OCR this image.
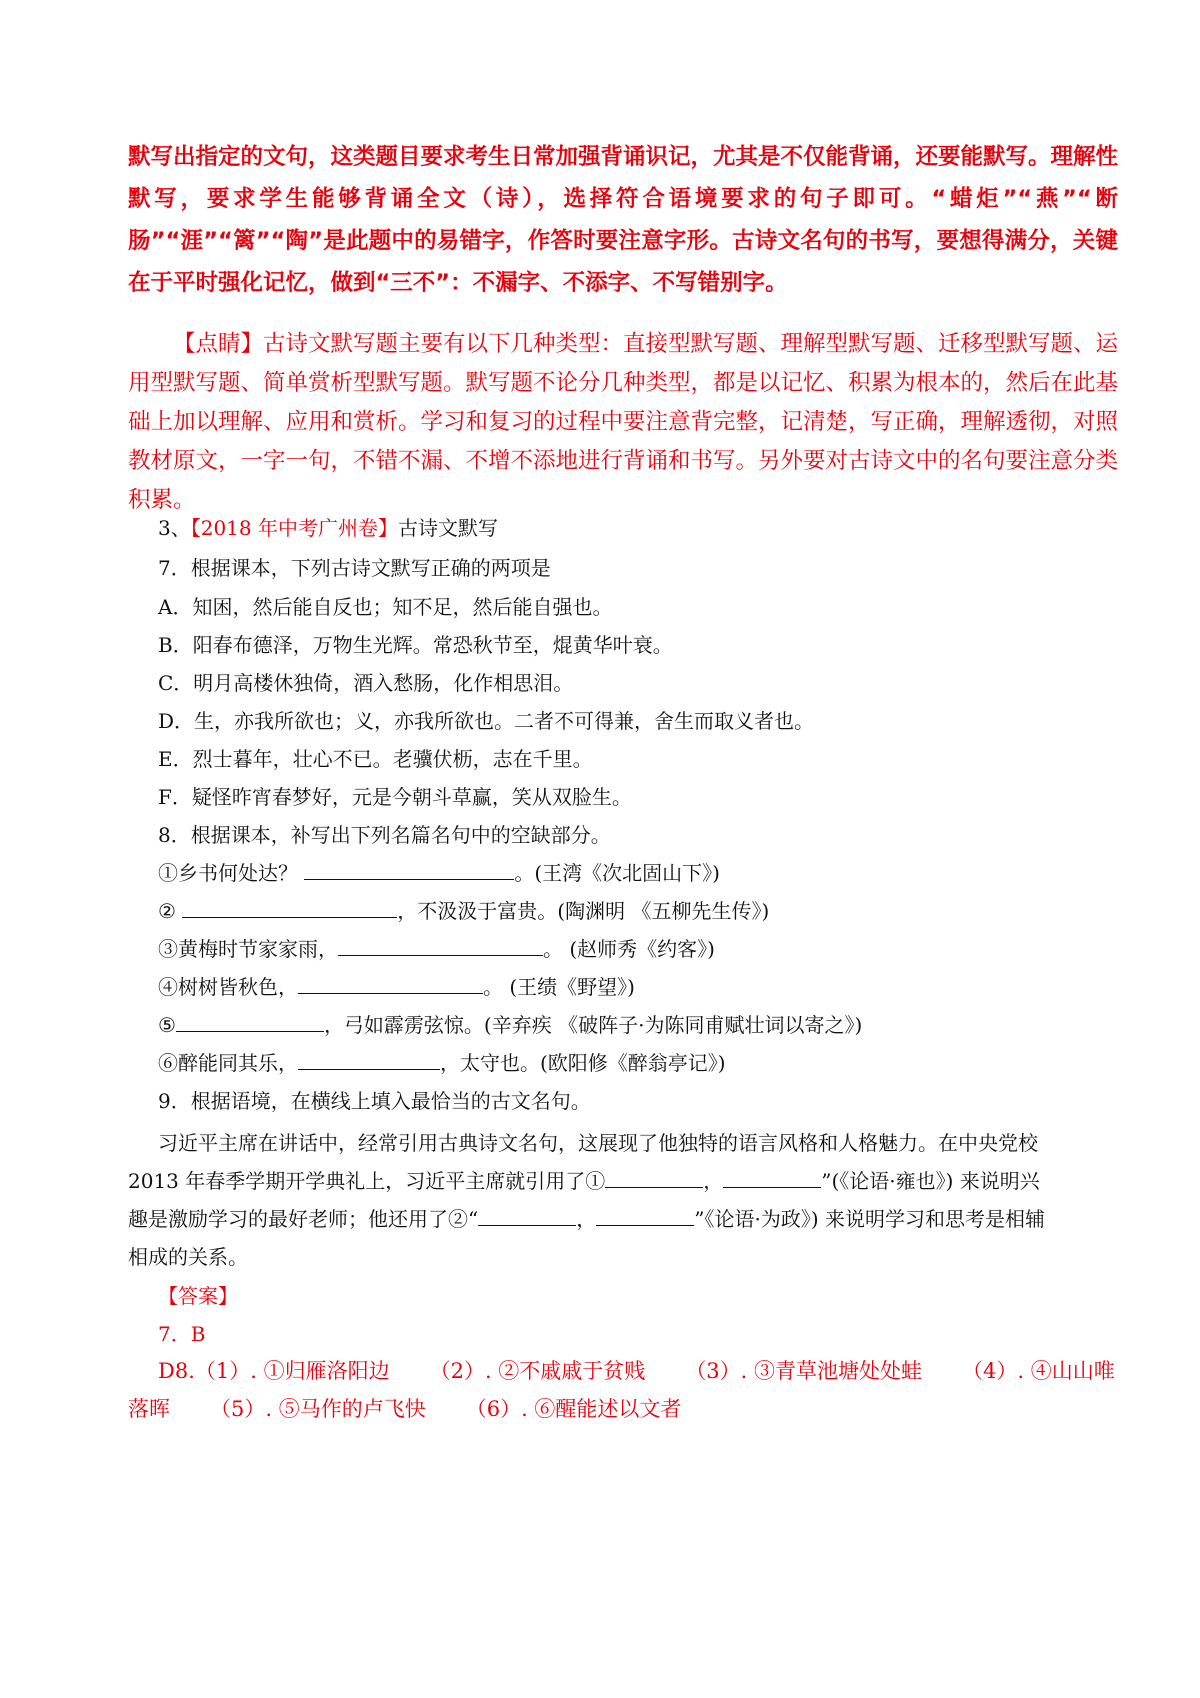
默写出指定的文句，这类题目要求考生日常加强背诵识记，尤其是不仅能背诵，还要能默写。理解性默写，要求学生能够背诵全文（诗），选择符合语境要求的句子即可。“蜡炬”“燕”“断肠”“涯”“篱”“陶”是此题中的易错字，作答时要注意字形。古诗文名句的书写，要想得满分，关键在于平时强化记忆，做到“三不”：不漏字、不添字、不写错别字。

【点睛】古诗文默写题主要有以下几种类型：直接型默写题、理解型默写题、迁移型默写题、运用型默写题、简单赏析型默写题。默写题不论分几种类型，都是以记忆、积累为根本的，然后在此基础上加以理解、应用和赏析。学习和复习的过程中要注意背完整，记清楚，写正确，理解透彻，对照教材原文，一字一句，不错不漏、不增不添地进行背诵和书写。另外要对古诗文中的名句要注意分类积累。

3、【2018 年中考广州卷】古诗文默写
7．根据课本，下列古诗文默写正确的两项是
A．知困，然后能自反也；知不足，然后能自强也。
B．阳春布德泽，万物生光辉。常恐秋节至，焜黄华叶衰。
C．明月高楼休独倚，酒入愁肠，化作相思泪。
D．生，亦我所欲也；义，亦我所欲也。二者不可得兼，舍生而取义者也。
E．烈士暮年，壮心不已。老骥伏枥，志在千里。
F．疑怪昨宵春梦好，元是今朝斗草赢，笑从双脸生。
8．根据课本，补写出下列名篇名句中的空缺部分。
①乡书何处达？	。(王湾《次北固山下》)
②	，不汲汲于富贵。(陶渊明 《五柳先生传》)
③黄梅时节家家雨，	。 (赵师秀《约客》)
④树树皆秋色，	。 (王绩《野望》)
⑤	，弓如霹雳弦惊。(辛弃疾 《破阵子·为陈同甫赋壮词以寄之》)
⑥醉能同其乐，	，太守也。(欧阳修《醉翁亭记》)
9．根据语境，在横线上填入最恰当的古文名句。
习近平主席在讲话中，经常引用古典诗文名句，这展现了他独特的语言风格和人格魅力。在中央党校
2013 年春季学期开学典礼上，习近平主席就引用了①	，	”(《论语·雍也》) 来说明兴
趣是激励学习的最好老师；他还用了②“	，	”《论语·为政》) 来说明学习和思考是相辅
相成的关系。
【答案】
7．B
D8.（1）. ①归雁洛阳边 （2）. ②不戚戚于贫贱 （3）. ③青草池塘处处蛙 （4）. ④山山唯
落晖 （5）. ⑤马作的卢飞快 （6）. ⑥醒能述以文者
